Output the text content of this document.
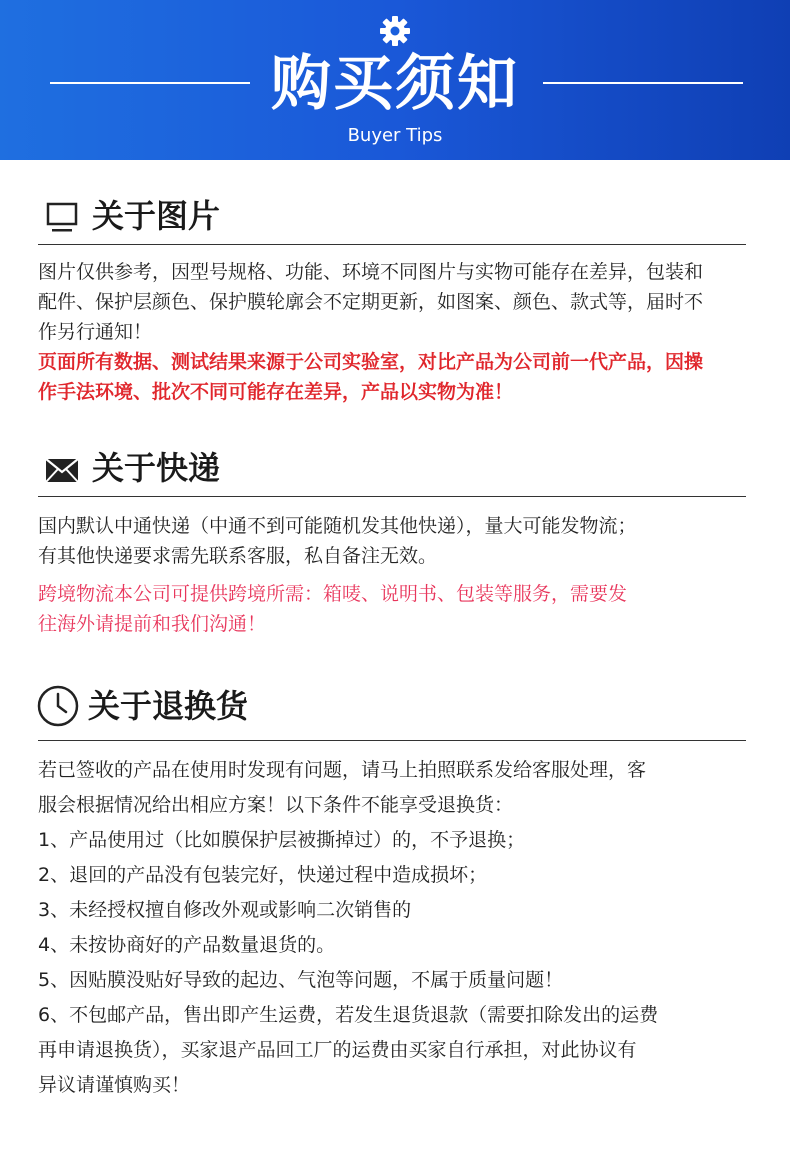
购买须知
Buyer Tips
关于图片

图片仅供参考，因型号规格、功能、环境不同图片与实物可能存在差异，包装和

配件、保护层颜色、保护膜轮廓会不定期更新，如图案、颜色、款式等，届时不

作另行通知！

页面所有数据、测试结果来源于公司实验室，对比产品为公司前一代产品，因操

作手法环境、批次不同可能存在差异，产品以实物为准！

关于快递

国内默认中通快递（中通不到可能随机发其他快递），量大可能发物流；

有其他快递要求需先联系客服，私自备注无效。

跨境物流本公司可提供跨境所需：箱唛、说明书、包装等服务，需要发

往海外请提前和我们沟通！

关于退换货

若已签收的产品在使用时发现有问题，请马上拍照联系发给客服处理，客

服会根据情况给出相应方案！以下条件不能享受退换货：

1、产品使用过（比如膜保护层被撕掉过）的，不予退换；

2、退回的产品没有包装完好，快递过程中造成损坏；

3、未经授权擅自修改外观或影响二次销售的

4、未按协商好的产品数量退货的。

5、因贴膜没贴好导致的起边、气泡等问题，不属于质量问题！

6、不包邮产品，售出即产生运费，若发生退货退款（需要扣除发出的运费

再申请退换货），买家退产品回工厂的运费由买家自行承担，对此协议有

异议请谨慎购买！
